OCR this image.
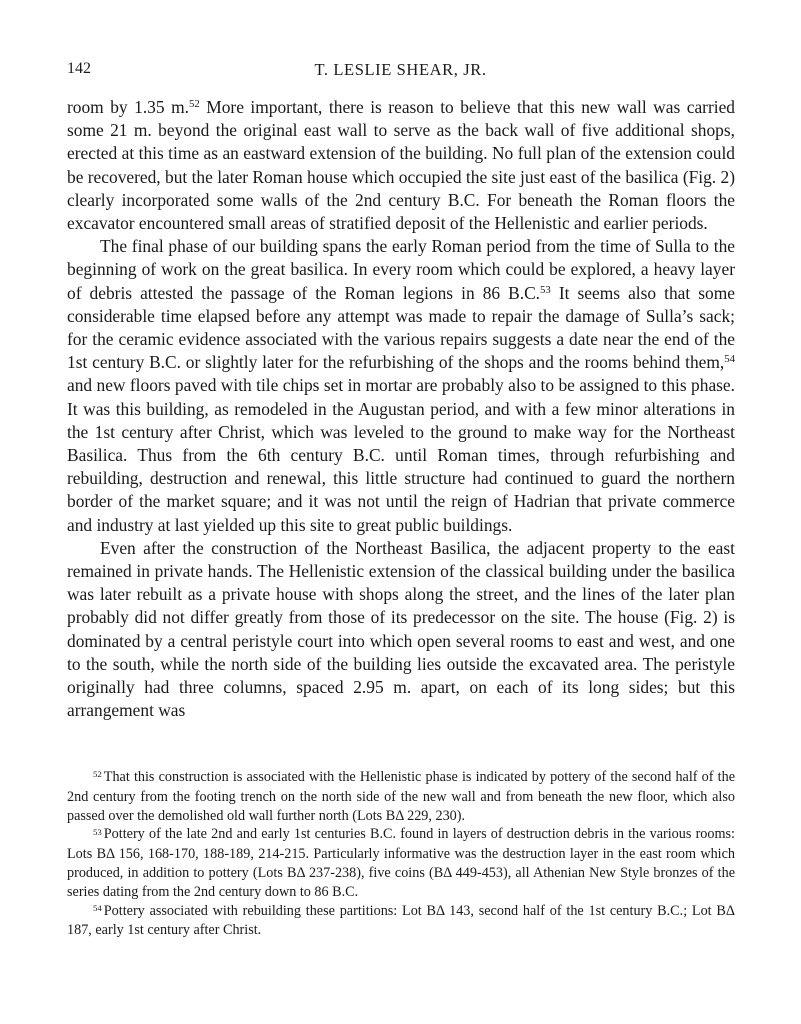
142	T. LESLIE SHEAR, JR.

room by 1.35 m.$^{52}$ More important, there is reason to believe that this new wall was carried some 21 m. beyond the original east wall to serve as the back wall of five additional shops, erected at this time as an eastward extension of the building. No full plan of the extension could be recovered, but the later Roman house which occupied the site just east of the basilica (Fig. 2) clearly incorporated some walls of the 2nd century B.C. For beneath the Roman floors the excavator encountered small areas of stratified deposit of the Hellenistic and earlier periods.

The final phase of our building spans the early Roman period from the time of Sulla to the beginning of work on the great basilica. In every room which could be explored, a heavy layer of debris attested the passage of the Roman legions in 86 B.C.$^{53}$ It seems also that some considerable time elapsed before any attempt was made to repair the damage of Sulla’s sack; for the ceramic evidence associated with the various repairs suggests a date near the end of the 1st century B.C. or slightly later for the refurbishing of the shops and the rooms behind them,$^{54}$ and new floors paved with tile chips set in mortar are probably also to be assigned to this phase. It was this building, as remodeled in the Augustan period, and with a few minor alterations in the 1st century after Christ, which was leveled to the ground to make way for the Northeast Basilica. Thus from the 6th century B.C. until Roman times, through refurbishing and rebuilding, destruction and renewal, this little structure had continued to guard the northern border of the market square; and it was not until the reign of Hadrian that private commerce and industry at last yielded up this site to great public buildings.

Even after the construction of the Northeast Basilica, the adjacent property to the east remained in private hands. The Hellenistic extension of the classical building under the basilica was later rebuilt as a private house with shops along the street, and the lines of the later plan probably did not differ greatly from those of its predecessor on the site. The house (Fig. 2) is dominated by a central peristyle court into which open several rooms to east and west, and one to the south, while the north side of the building lies outside the excavated area. The peristyle originally had three columns, spaced 2.95 m. apart, on each of its long sides; but this arrangement was

$^{52}$ That this construction is associated with the Hellenistic phase is indicated by pottery of the second half of the 2nd century from the footing trench on the north side of the new wall and from beneath the new floor, which also passed over the demolished old wall further north (Lots BΔ 229, 230).

$^{53}$ Pottery of the late 2nd and early 1st centuries B.C. found in layers of destruction debris in the various rooms: Lots BΔ 156, 168-170, 188-189, 214-215. Particularly informative was the destruction layer in the east room which produced, in addition to pottery (Lots BΔ 237-238), five coins (BΔ 449-453), all Athenian New Style bronzes of the series dating from the 2nd century down to 86 B.C.

$^{54}$ Pottery associated with rebuilding these partitions: Lot BΔ 143, second half of the 1st century B.C.; Lot BΔ 187, early 1st century after Christ.
